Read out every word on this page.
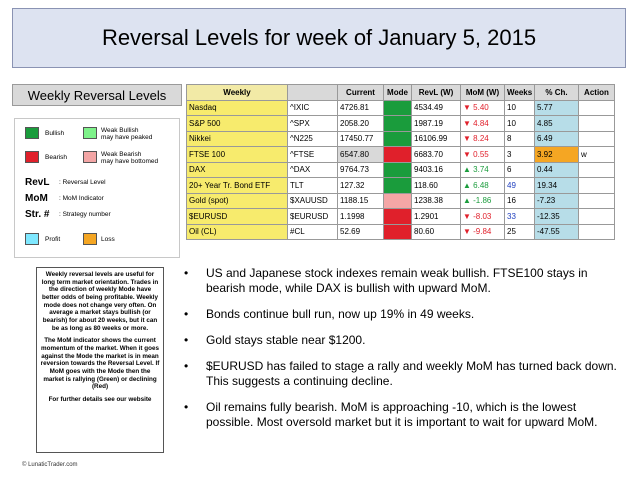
Reversal Levels for week of January 5, 2015
Weekly Reversal Levels
Bullish	Weak Bullish
may have peaked
Bearish	Weak Bearish
may have bottomed
RevL : Reversal Level
MoM : MoM Indicator
Str. # : Strategy number
Profit	Loss

Weekly reversal levels are useful for long term market orientation. Trades in the direction of weekly Mode have better odds of being profitable. Weekly mode does not change very often. On average a market stays bullish (or bearish) for about 20 weeks, but it can be as long as 80 weeks or more.

The MoM indicator shows the current momentum of the market. When it goes against the Mode the market is in mean reversion towards the Reversal Level. If MoM goes with the Mode then the market is rallying (Green) or declining (Red)

For further details see our website

© LunaticTrader.com
Weekly		Current	Mode	RevL (W)	MoM (W)	Weeks	% Ch.	Action
Nasdaq	^IXIC	4726.81		4534.49	▼ 5.40	10	5.77	
S&P 500	^SPX	2058.20		1987.19	▼ 4.84	10	4.85	
Nikkei	^N225	17450.77		16106.99	▼ 8.24	8	6.49	
FTSE 100	^FTSE	6547.80		6683.70	▼ 0.55	3	3.92	w
DAX	^DAX	9764.73		9403.16	▲ 3.74	6	0.44	
20+ Year Tr. Bond ETF	TLT	127.32		118.60	▲ 6.48	49	19.34	
Gold (spot)	$XAUUSD	1188.15		1238.38	▲ -1.86	16	-7.23	
$EURUSD	$EURUSD	1.1998		1.2901	▼ -8.03	33	-12.35	
Oil (CL)	#CL	52.69		80.60	▼ -9.84	25	-47.55	
• US and Japanese stock indexes remain weak bullish. FTSE100 stays in bearish mode, while DAX is bullish with upward MoM.
• Bonds continue bull run, now up 19% in 49 weeks.
• Gold stays stable near $1200.
• $EURUSD has failed to stage a rally and weekly MoM has turned back down. This suggests a continuing decline.
• Oil remains fully bearish. MoM is approaching -10, which is the lowest possible. Most oversold market but it is important to wait for upward MoM.
